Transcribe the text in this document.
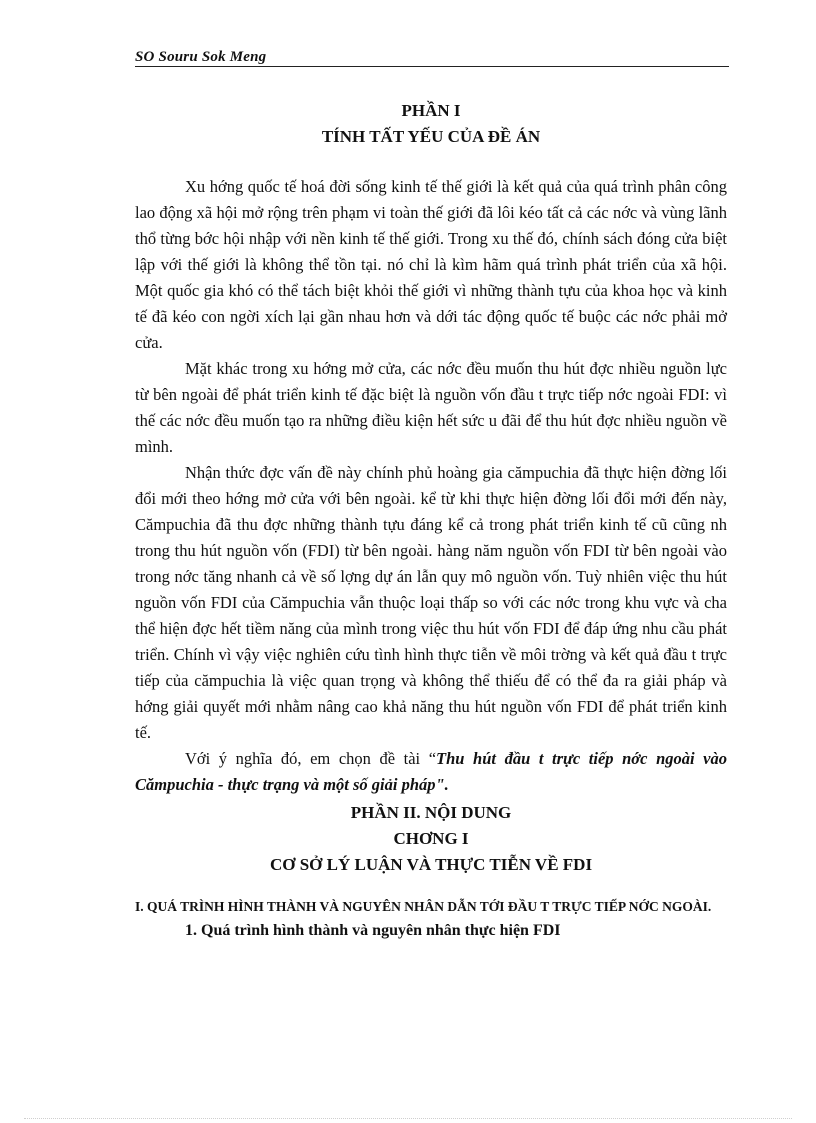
SO Souru Sok Meng

PHẦN I

TÍNH TẤT YẾU CỦA ĐỀ ÁN

Xu hớng quốc tế hoá đời sống kinh tế thế giới là kết quả của quá trình phân công lao động xã hội mở rộng trên phạm vi toàn thế giới đã lôi kéo tất cả các nớc và vùng lãnh thổ từng bớc hội nhập với nền kinh tế thế giới. Trong xu thế đó, chính sách đóng cửa biệt lập với thế giới là không thể tồn tại. nó chỉ là kìm hãm quá trình phát triển của xã hội. Một quốc gia khó có thể tách biệt khỏi thế giới vì những thành tựu của khoa học và kinh tế đã kéo con ngời xích lại gần nhau hơn và dới tác động quốc tế buộc các nớc phải mở cửa.

Mặt khác trong xu hớng mở cửa, các nớc đều muốn thu hút đợc nhiều nguồn lực từ bên ngoài để phát triển kinh tế đặc biệt là nguồn vốn đầu t trực tiếp nớc ngoài FDI: vì thế các nớc đều muốn tạo ra những điều kiện hết sức u đãi để thu hút đợc nhiều nguồn về mình.

Nhận thức đợc vấn đề này chính phủ hoàng gia cămpuchia đã thực hiện đờng lối đổi mới theo hớng mở cửa với bên ngoài. kể từ khi thực hiện đờng lối đổi mới đến này, Cămpuchia đã thu đợc những thành tựu đáng kể cả trong phát triển kinh tế cũ cũng nh trong thu hút nguồn vốn (FDI) từ bên ngoài. hàng năm nguồn vốn FDI từ bên ngoài vào trong nớc tăng nhanh cả về số lợng dự án lẫn quy mô nguồn vốn. Tuỳ nhiên việc thu hút nguồn vốn FDI của Cămpuchia vẫn thuộc loại thấp so với các nớc trong khu vực và cha thể hiện đợc hết tiềm năng của mình trong việc thu hút vốn FDI để đáp ứng nhu cầu phát triển. Chính vì vậy việc nghiên cứu tình hình thực tiễn về môi trờng và kết quả đầu t trực tiếp của cămpuchia là việc quan trọng và không thể thiếu để có thể đa ra giải pháp và hớng giải quyết mới nhằm nâng cao khả năng thu hút nguồn vốn FDI để phát triển kinh tế.

Với ý nghĩa đó, em chọn đề tài “Thu hút đầu t trực tiếp nớc ngoài vào Cămpuchia - thực trạng và một số giải pháp".

PHẦN II. NỘI DUNG

CHƠNG I

CƠ SỞ LÝ LUẬN VÀ THỰC TIỄN VỀ FDI

I. QUÁ TRÌNH HÌNH THÀNH VÀ NGUYÊN NHÂN DẪN TỚI ĐẦU T TRỰC TIẾP NỚC NGOÀI.

1. Quá trình hình thành và nguyên nhân thực hiện FDI
